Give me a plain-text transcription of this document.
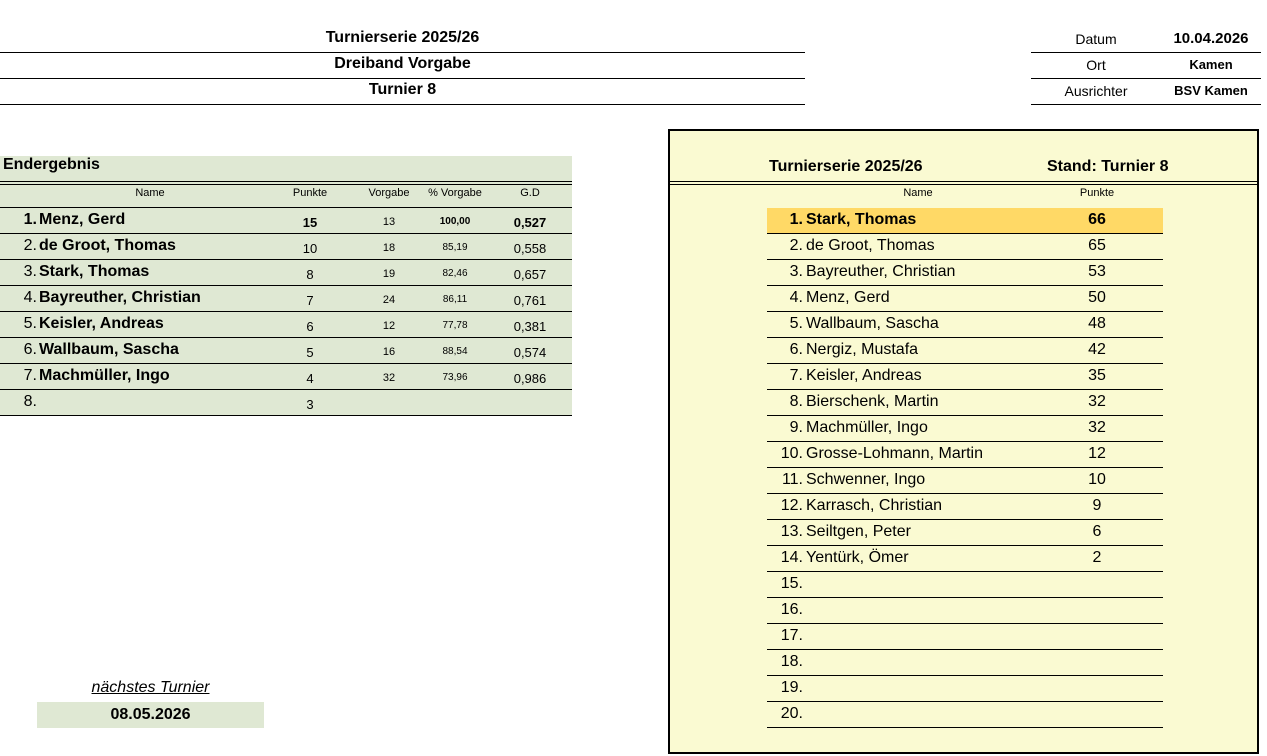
Turnierserie 2025/26
Dreiband Vorgabe
Turnier 8
Datum	10.04.2026
Ort	Kamen
Ausrichter	BSV Kamen
Endergebnis
Name	Punkte	Vorgabe	% Vorgabe	G.D
1. Menz, Gerd	15	13	100,00	0,527
2. de Groot, Thomas	10	18	85,19	0,558
3. Stark, Thomas	8	19	82,46	0,657
4. Bayreuther, Christian	7	24	86,11	0,761
5. Keisler, Andreas	6	12	77,78	0,381
6. Wallbaum, Sascha	5	16	88,54	0,574
7. Machmüller, Ingo	4	32	73,96	0,986
8.	3
nächstes Turnier
08.05.2026
Turnierserie 2025/26	Stand: Turnier 8
Name	Punkte
1. Stark, Thomas	66
2. de Groot, Thomas	65
3. Bayreuther, Christian	53
4. Menz, Gerd	50
5. Wallbaum, Sascha	48
6. Nergiz, Mustafa	42
7. Keisler, Andreas	35
8. Bierschenk, Martin	32
9. Machmüller, Ingo	32
10. Grosse-Lohmann, Martin	12
11. Schwenner, Ingo	10
12. Karrasch, Christian	9
13. Seiltgen, Peter	6
14. Yentürk, Ömer	2
15.
16.
17.
18.
19.
20.
